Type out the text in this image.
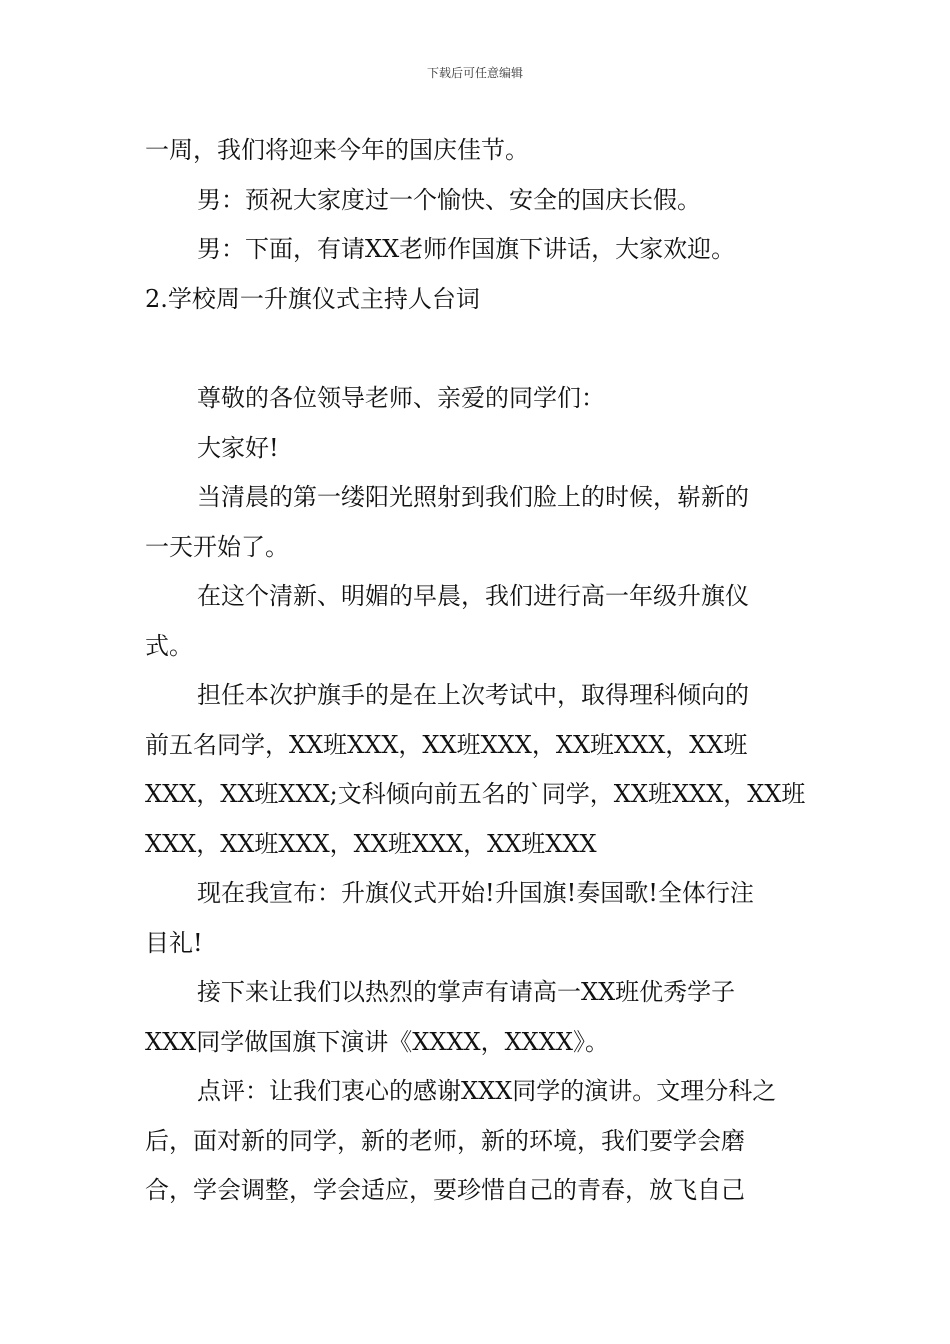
下载后可任意编辑
一周，我们将迎来今年的国庆佳节。
男：预祝大家度过一个愉快、安全的国庆长假。
男：下面，有请XX老师作国旗下讲话，大家欢迎。
2.学校周一升旗仪式主持人台词
尊敬的各位领导老师、亲爱的同学们：
大家好!
当清晨的第一缕阳光照射到我们脸上的时候，崭新的
一天开始了。
在这个清新、明媚的早晨，我们进行高一年级升旗仪
式。
担任本次护旗手的是在上次考试中，取得理科倾向的
前五名同学，XX班XXX，XX班XXX，XX班XXX，XX班
XXX，XX班XXX;文科倾向前五名的`同学，XX班XXX，XX班
XXX，XX班XXX，XX班XXX，XX班XXX
现在我宣布：升旗仪式开始!升国旗!奏国歌!全体行注
目礼!
接下来让我们以热烈的掌声有请高一XX班优秀学子
XXX同学做国旗下演讲《XXXX，XXXX》。
点评：让我们衷心的感谢XXX同学的演讲。文理分科之
后，面对新的同学，新的老师，新的环境，我们要学会磨
合，学会调整，学会适应，要珍惜自己的青春，放飞自己
